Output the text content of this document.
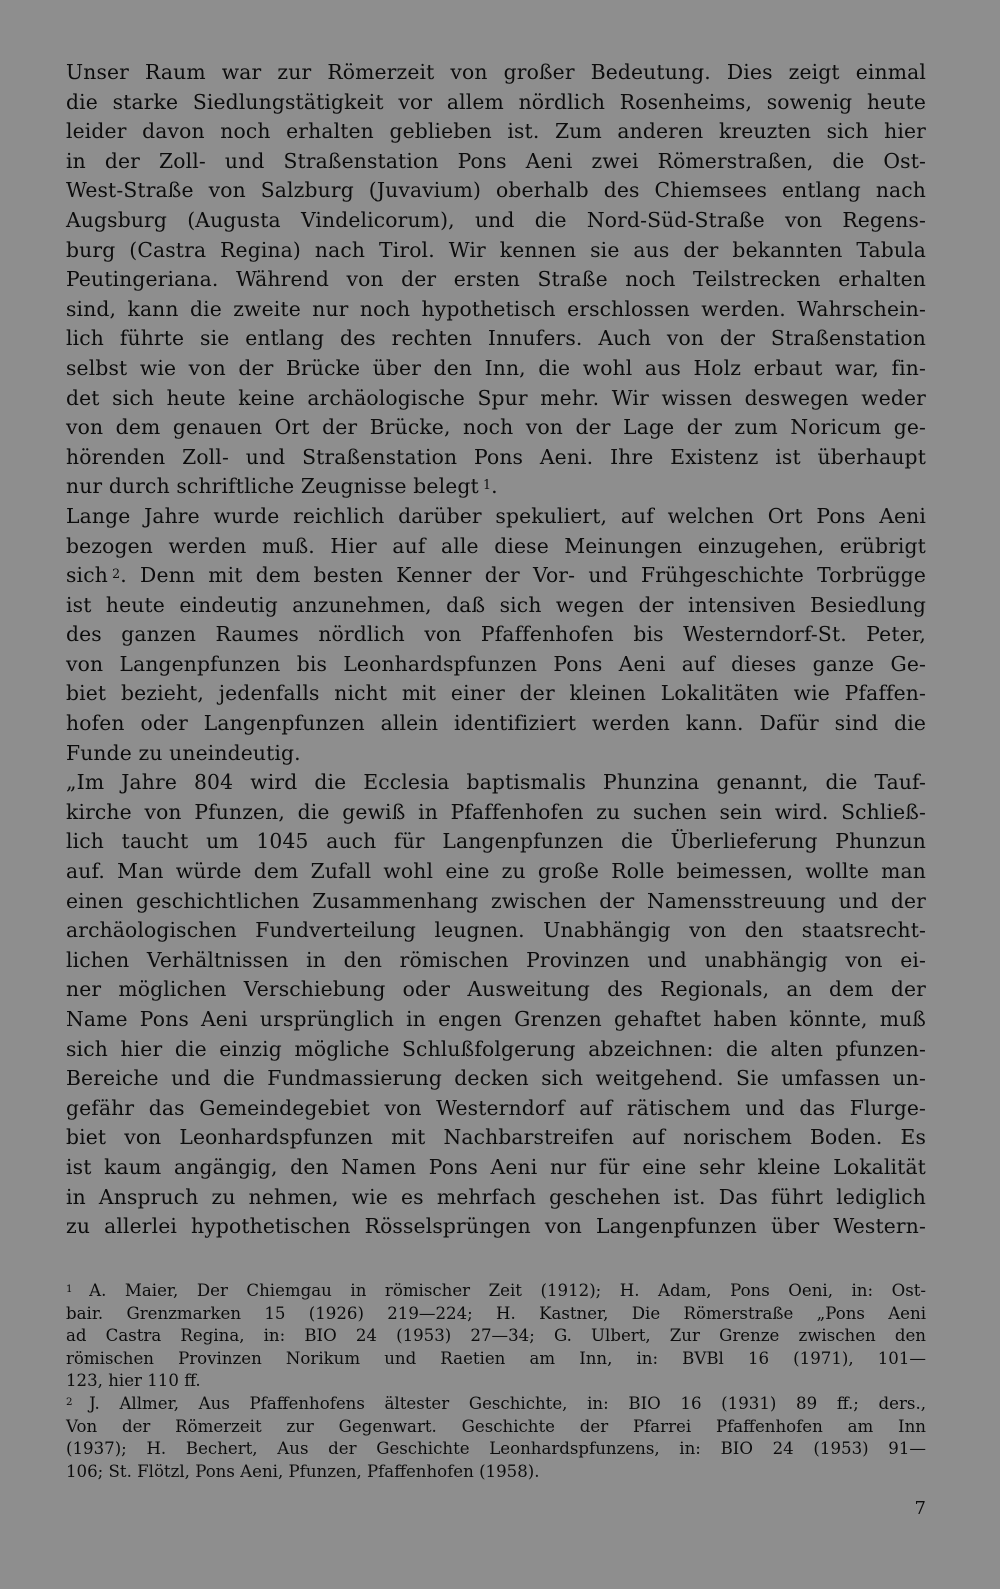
Unser Raum war zur Römerzeit von großer Bedeutung. Dies zeigt einmal
die starke Siedlungstätigkeit vor allem nördlich Rosenheims, sowenig heute
leider davon noch erhalten geblieben ist. Zum anderen kreuzten sich hier
in der Zoll- und Straßenstation Pons Aeni zwei Römerstraßen, die Ost-
West-Straße von Salzburg (Juvavium) oberhalb des Chiemsees entlang nach
Augsburg (Augusta Vindelicorum), und die Nord-Süd-Straße von Regens-
burg (Castra Regina) nach Tirol. Wir kennen sie aus der bekannten Tabula
Peutingeriana. Während von der ersten Straße noch Teilstrecken erhalten
sind, kann die zweite nur noch hypothetisch erschlossen werden. Wahrschein-
lich führte sie entlang des rechten Innufers. Auch von der Straßenstation
selbst wie von der Brücke über den Inn, die wohl aus Holz erbaut war, fin-
det sich heute keine archäologische Spur mehr. Wir wissen deswegen weder
von dem genauen Ort der Brücke, noch von der Lage der zum Noricum ge-
hörenden Zoll- und Straßenstation Pons Aeni. Ihre Existenz ist überhaupt
nur durch schriftliche Zeugnisse belegt  $^1$.

Lange Jahre wurde reichlich darüber spekuliert, auf welchen Ort Pons Aeni
bezogen werden muß. Hier auf alle diese Meinungen einzugehen, erübrigt
sich  $^2$. Denn mit dem besten Kenner der Vor- und Frühgeschichte Torbrügge
ist heute eindeutig anzunehmen, daß sich wegen der intensiven Besiedlung
des ganzen Raumes nördlich von Pfaffenhofen bis Westerndorf-St. Peter,
von Langenpfunzen bis Leonhardspfunzen Pons Aeni auf dieses ganze Ge-
biet bezieht, jedenfalls nicht mit einer der kleinen Lokalitäten wie Pfaffen-
hofen oder Langenpfunzen allein identifiziert werden kann. Dafür sind die
Funde zu uneindeutig.

„Im Jahre 804 wird die Ecclesia baptismalis Phunzina genannt, die Tauf-
kirche von Pfunzen, die gewiß in Pfaffenhofen zu suchen sein wird. Schließ-
lich taucht um 1045 auch für Langenpfunzen die Überlieferung Phunzun
auf. Man würde dem Zufall wohl eine zu große Rolle beimessen, wollte man
einen geschichtlichen Zusammenhang zwischen der Namensstreuung und der
archäologischen Fundverteilung leugnen. Unabhängig von den staatsrecht-
lichen Verhältnissen in den römischen Provinzen und unabhängig von ei-
ner möglichen Verschiebung oder Ausweitung des Regionals, an dem der
Name Pons Aeni ursprünglich in engen Grenzen gehaftet haben könnte, muß
sich hier die einzig mögliche Schlußfolgerung abzeichnen: die alten pfunzen-
Bereiche und die Fundmassierung decken sich weitgehend. Sie umfassen un-
gefähr das Gemeindegebiet von Westerndorf auf rätischem und das Flurge-
biet von Leonhardspfunzen mit Nachbarstreifen auf norischem Boden. Es
ist kaum angängig, den Namen Pons Aeni nur für eine sehr kleine Lokalität
in Anspruch zu nehmen, wie es mehrfach geschehen ist. Das führt lediglich
zu allerlei hypothetischen Rösselsprüngen von Langenpfunzen über Western-

$^1$  A. Maier, Der Chiemgau in römischer Zeit (1912); H. Adam, Pons Oeni, in: Ost-
bair. Grenzmarken 15 (1926) 219—224; H. Kastner, Die Römerstraße „Pons Aeni
ad Castra Regina, in: BIO 24 (1953) 27—34; G. Ulbert, Zur Grenze zwischen den
römischen Provinzen Norikum und Raetien am Inn, in: BVBl 16 (1971), 101—
123, hier 110 ff.

$^2$  J. Allmer, Aus Pfaffenhofens ältester Geschichte, in: BIO 16 (1931) 89 ff.; ders.,
Von der Römerzeit zur Gegenwart. Geschichte der Pfarrei Pfaffenhofen am Inn
(1937); H. Bechert, Aus der Geschichte Leonhardspfunzens, in: BIO 24 (1953) 91—
106; St. Flötzl, Pons Aeni, Pfunzen, Pfaffenhofen (1958).

7
